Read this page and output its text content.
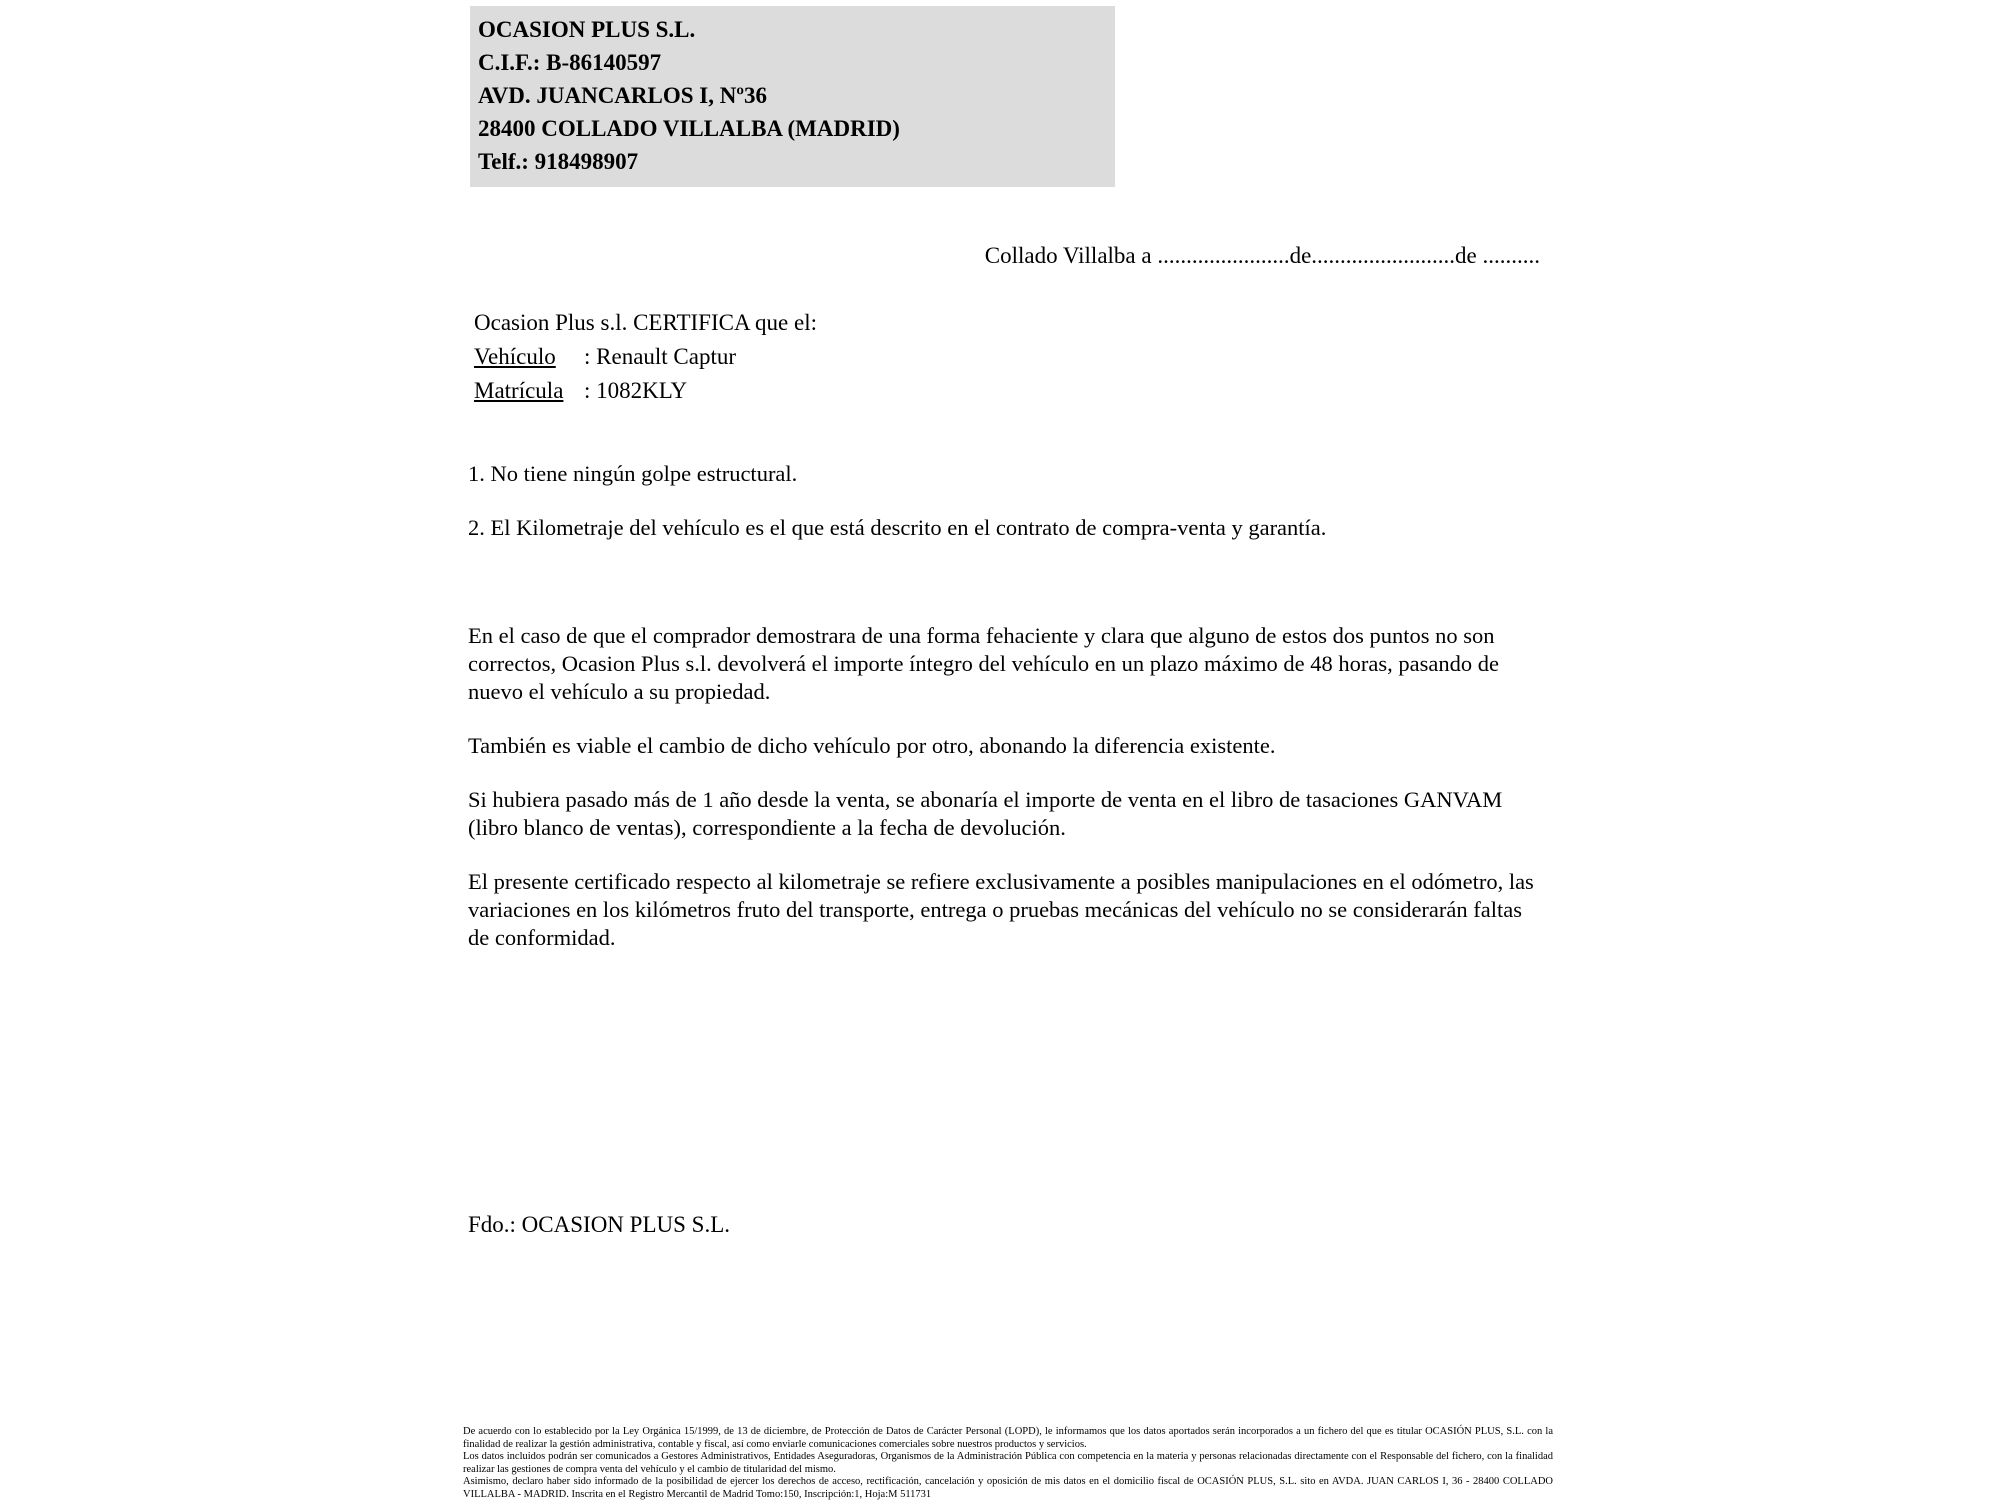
OCASION PLUS S.L.
C.I.F.: B-86140597
AVD. JUANCARLOS I, Nº36
28400 COLLADO VILLALBA (MADRID)
Telf.: 918498907
Collado Villalba a .......................de.........................de ..........
Ocasion Plus s.l. CERTIFICA que el:
Vehículo : Renault Captur
Matrícula : 1082KLY

1. No tiene ningún golpe estructural.

2. El Kilometraje del vehículo es el que está descrito en el contrato de compra-venta y garantía.

En el caso de que el comprador demostrara de una forma fehaciente y clara que alguno de estos dos puntos no son correctos, Ocasion Plus s.l. devolverá el importe íntegro del vehículo en un plazo máximo de 48 horas, pasando de nuevo el vehículo a su propiedad.

También es viable el cambio de dicho vehículo por otro, abonando la diferencia existente.

Si hubiera pasado más de 1 año desde la venta, se abonaría el importe de venta en el libro de tasaciones GANVAM (libro blanco de ventas), correspondiente a la fecha de devolución.

El presente certificado respecto al kilometraje se refiere exclusivamente a posibles manipulaciones en el odómetro, las variaciones en los kilómetros fruto del transporte, entrega o pruebas mecánicas del vehículo no se considerarán faltas de conformidad.

Fdo.: OCASION PLUS S.L.

De acuerdo con lo establecido por la Ley Orgánica 15/1999, de 13 de diciembre, de Protección de Datos de Carácter Personal (LOPD), le informamos que los datos aportados serán incorporados a un fichero del que es titular OCASIÓN PLUS, S.L. con la finalidad de realizar la gestión administrativa, contable y fiscal, así como enviarle comunicaciones comerciales sobre nuestros productos y servicios.

Los datos incluidos podrán ser comunicados a Gestores Administrativos, Entidades Aseguradoras, Organismos de la Administración Pública con competencia en la materia y personas relacionadas directamente con el Responsable del fichero, con la finalidad realizar las gestiones de compra venta del vehículo y el cambio de titularidad del mismo.

Asimismo, declaro haber sido informado de la posibilidad de ejercer los derechos de acceso, rectificación, cancelación y oposición de mis datos en el domicilio fiscal de OCASIÓN PLUS, S.L. sito en AVDA. JUAN CARLOS I, 36 - 28400 COLLADO VILLALBA - MADRID. Inscrita en el Registro Mercantil de Madrid Tomo:150, Inscripción:1, Hoja:M 511731
